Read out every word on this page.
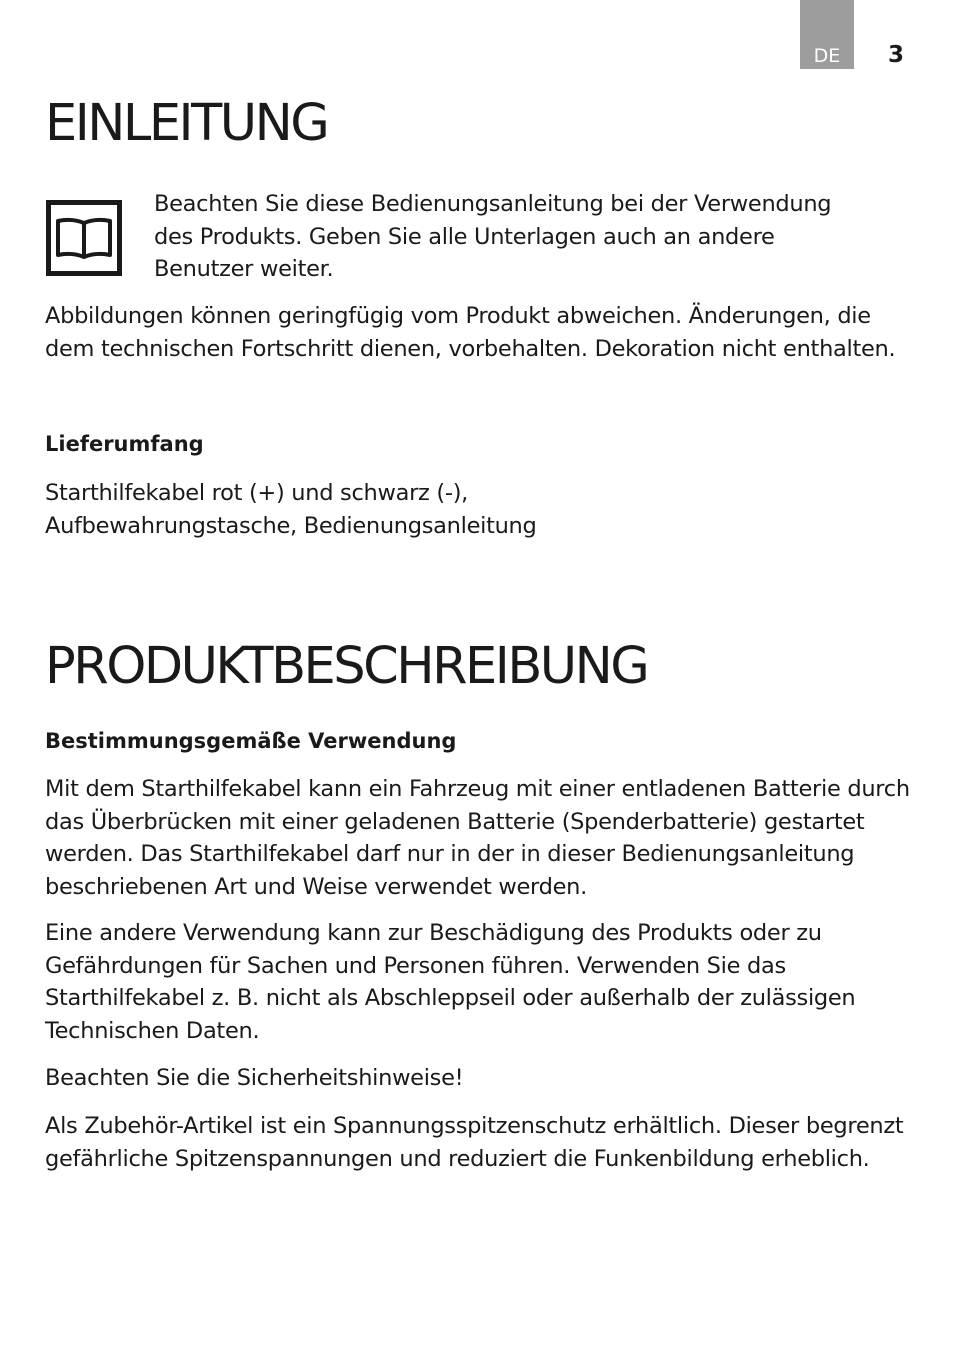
DE 3
EINLEITUNG

Beachten Sie diese Bedienungsanleitung bei der Verwendung
des Produkts. Geben Sie alle Unterlagen auch an andere
Benutzer weiter.

Abbildungen können geringfügig vom Produkt abweichen. Änderungen, die
dem technischen Fortschritt dienen, vorbehalten. Dekoration nicht enthalten.

Lieferumfang

Starthilfekabel rot (+) und schwarz (-),
Aufbewahrungstasche, Bedienungsanleitung

PRODUKTBESCHREIBUNG
Bestimmungsgemäße Verwendung

Mit dem Starthilfekabel kann ein Fahrzeug mit einer entladenen Batterie durch
das Überbrücken mit einer geladenen Batterie (Spenderbatterie) gestartet
werden. Das Starthilfekabel darf nur in der in dieser Bedienungsanleitung
beschriebenen Art und Weise verwendet werden.

Eine andere Verwendung kann zur Beschädigung des Produkts oder zu
Gefährdungen für Sachen und Personen führen. Verwenden Sie das
Starthilfekabel z. B. nicht als Abschleppseil oder außerhalb der zulässigen
Technischen Daten.

Beachten Sie die Sicherheitshinweise!

Als Zubehör-Artikel ist ein Spannungsspitzenschutz erhältlich. Dieser begrenzt
gefährliche Spitzenspannungen und reduziert die Funkenbildung erheblich.
